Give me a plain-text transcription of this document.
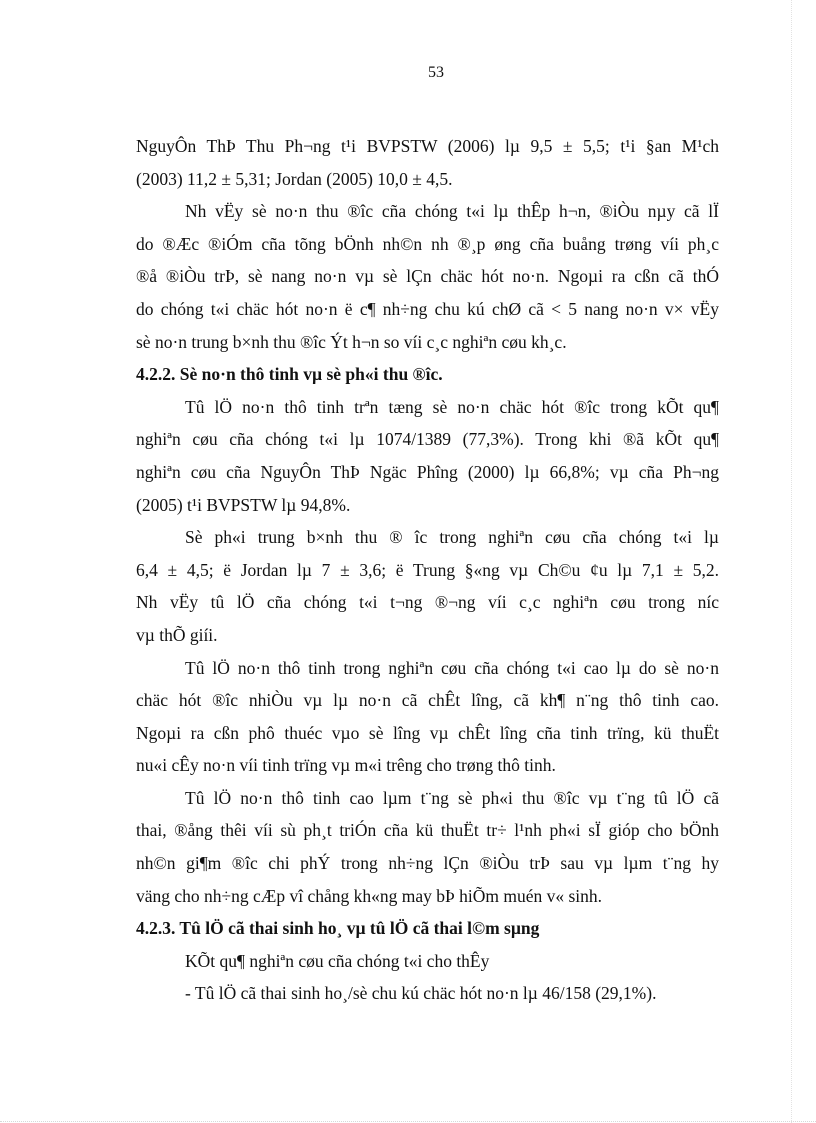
53
NguyÔn ThÞ Thu Ph¬ng t¹i BVPSTW (2006) lµ 9,5 ± 5,5; t¹i §an M¹ch
(2003) 11,2 ± 5,31; Jordan (2005) 10,0 ± 4,5.
Nh vËy sè no·n thu ®îc cña chóng t«i lµ thÊp h¬n, ®iÒu nµy cã lÏ
do ®Æc ®iÓm cña tõng bÖnh nh©n nh ®¸p øng cña buång trøng víi ph¸c
®å ®iÒu trÞ, sè nang no·n vµ sè lÇn chäc hót no·n. Ngoµi ra cßn cã thÓ
do chóng t«i chäc hót no·n ë c¶ nh÷ng chu kú chØ cã < 5 nang no·n v× vËy
sè no·n trung b×nh thu ®îc Ýt h¬n so víi c¸c nghiªn cøu kh¸c.
4.2.2. Sè no·n thô tinh vµ sè ph«i thu ®îc.
Tû lÖ no·n thô tinh trªn tæng sè no·n chäc hót ®îc trong kÕt qu¶
nghiªn cøu cña chóng t«i lµ 1074/1389 (77,3%). Trong khi ®ã kÕt qu¶
nghiªn cøu cña NguyÔn ThÞ Ngäc Phîng (2000) lµ 66,8%; vµ cña Ph¬ng
(2005) t¹i BVPSTW lµ 94,8%.
Sè ph«i trung b×nh thu ® îc trong nghiªn cøu cña chóng t«i lµ
6,4 ± 4,5; ë Jordan lµ 7 ± 3,6; ë Trung §«ng vµ Ch©u ¢u lµ 7,1 ± 5,2.
Nh vËy tû lÖ cña chóng t«i t¬ng ®¬ng víi c¸c nghiªn cøu trong níc
vµ thÕ giíi.
Tû lÖ no·n thô tinh trong nghiªn cøu cña chóng t«i cao lµ do sè no·n
chäc hót ®îc nhiÒu vµ lµ no·n cã chÊt lîng, cã kh¶ n¨ng thô tinh cao.
Ngoµi ra cßn phô thuéc vµo sè lîng vµ chÊt lîng cña tinh trïng, kü thuËt
nu«i cÊy no·n víi tinh trïng vµ m«i trêng cho trøng thô tinh.
Tû lÖ no·n thô tinh cao lµm t¨ng sè ph«i thu ®îc vµ t¨ng tû lÖ cã
thai, ®ång thêi víi sù ph¸t triÓn cña kü thuËt tr÷ l¹nh ph«i sÏ gióp cho bÖnh
nh©n gi¶m ®îc chi phÝ trong nh÷ng lÇn ®iÒu trÞ sau vµ lµm t¨ng hy
väng cho nh÷ng cÆp vî chång kh«ng may bÞ hiÕm muén v« sinh.
4.2.3. Tû lÖ cã thai sinh ho¸ vµ tû lÖ cã thai l©m sµng
KÕt qu¶ nghiªn cøu cña chóng t«i cho thÊy
- Tû lÖ cã thai sinh ho¸/sè chu kú chäc hót no·n lµ 46/158 (29,1%).
